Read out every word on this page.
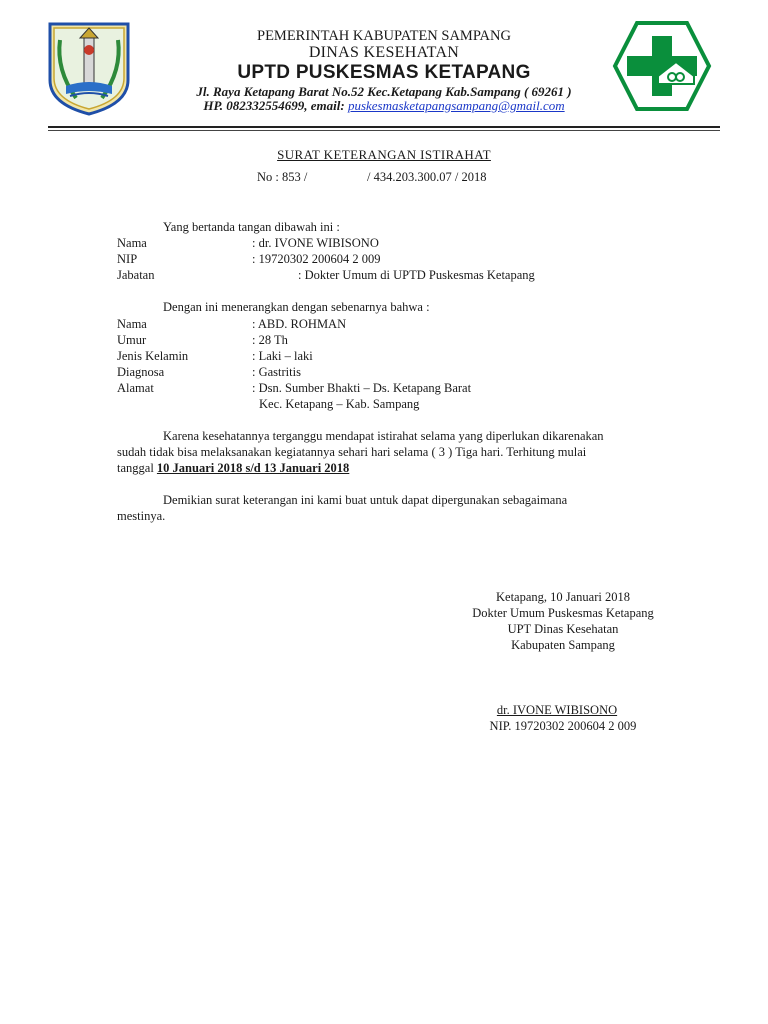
PEMERINTAH KABUPATEN SAMPANG
DINAS KESEHATAN
UPTD PUSKESMAS KETAPANG
Jl. Raya Ketapang Barat No.52 Kec.Ketapang Kab.Sampang ( 69261 )
HP. 082332554699, email: puskesmasketapangsampang@gmail.com
SURAT KETERANGAN ISTIRAHAT
No : 853 /	/ 434.203.300.07 / 2018
Yang bertanda tangan dibawah ini :
Nama	: dr. IVONE WIBISONO
NIP	: 19720302 200604 2 009
Jabatan	: Dokter Umum di UPTD Puskesmas Ketapang
Dengan ini menerangkan dengan sebenarnya bahwa :
Nama	: ABD. ROHMAN
Umur	: 28 Th
Jenis Kelamin	: Laki – laki
Diagnosa	: Gastritis
Alamat	: Dsn. Sumber Bhakti – Ds. Ketapang Barat
Kec. Ketapang – Kab. Sampang
Karena kesehatannya terganggu mendapat istirahat selama yang diperlukan dikarenakan
sudah tidak bisa melaksanakan kegiatannya sehari hari selama ( 3 ) Tiga hari. Terhitung mulai
tanggal 10 Januari 2018 s/d 13 Januari 2018
Demikian surat keterangan ini kami buat untuk dapat dipergunakan sebagaimana
mestinya.
Ketapang, 10 Januari 2018
Dokter Umum Puskesmas Ketapang
UPT Dinas Kesehatan
Kabupaten Sampang
dr. IVONE WIBISONO
NIP. 19720302 200604 2 009
